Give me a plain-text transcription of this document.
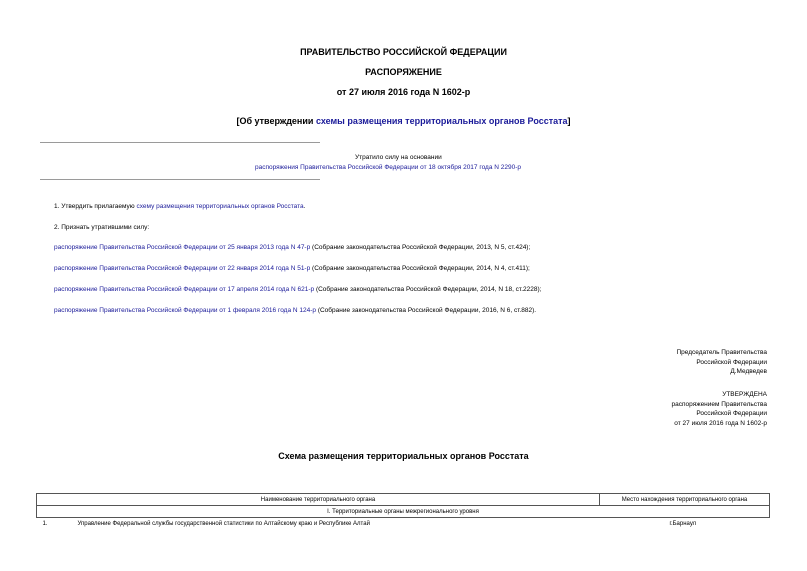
ПРАВИТЕЛЬСТВО РОССИЙСКОЙ ФЕДЕРАЦИИ
РАСПОРЯЖЕНИЕ
от 27 июля 2016 года N 1602-р
[Об утверждении схемы размещения территориальных органов Росстата]
Утратило силу на основании
распоряжения Правительства Российской Федерации от 18 октября 2017 года N 2290-р
1. Утвердить прилагаемую схему размещения территориальных органов Росстата.
2. Признать утратившими силу:
распоряжение Правительства Российской Федерации от 25 января 2013 года N 47-р (Собрание законодательства Российской Федерации, 2013, N 5, ст.424);
распоряжение Правительства Российской Федерации от 22 января 2014 года N 51-р (Собрание законодательства Российской Федерации, 2014, N 4, ст.411);
распоряжение Правительства Российской Федерации от 17 апреля 2014 года N 621-р (Собрание законодательства Российской Федерации, 2014, N 18, ст.2228);
распоряжение Правительства Российской Федерации от 1 февраля 2016 года N 124-р (Собрание законодательства Российской Федерации, 2016, N 6, ст.882).
Председатель Правительства
Российской Федерации
Д.Медведев
УТВЕРЖДЕНА
распоряжением Правительства
Российской Федерации
от 27 июля 2016 года N 1602-р
Схема размещения территориальных органов Росстата
Наименование территориального органа		Место нахождения территориального органа
I. Территориальные органы межрегионального уровня		
1.	Управление Федеральной службы государственной статистики по Алтайскому краю и Республике Алтай	г.Барнаул
